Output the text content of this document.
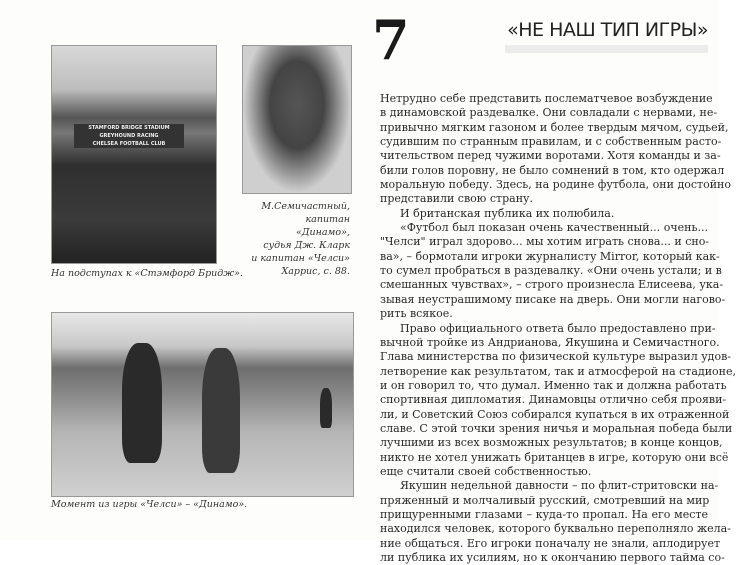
STAMFORD BRIDGE STADIUM
GREYHOUND RACING
CHELSEA FOOTBALL CLUB
На подступах к «Стэмфорд Бридж».
М.Семичастный,
капитан «Динамо»,
судья Дж. Кларк
и капитан «Челси»
Харрис, с. 88.
Момент из игры «Челси» – «Динамо».
7	«НЕ НАШ ТИП ИГРЫ»
Нетрудно себе представить послематчевое возбуждение
в динамовской раздевалке. Они совладали с нервами, не-
привычно мягким газоном и более твердым мячом, судьей,
судившим по странным правилам, и с собственным расто-
чительством перед чужими воротами. Хотя команды и за-
били голов поровну, не было сомнений в том, кто одержал
моральную победу. Здесь, на родине футбола, они достойно
представили свою страну.
И британская публика их полюбила.
«Футбол был показан очень качественный... очень...
"Челси" играл здорово... мы хотим играть снова... и сно-
ва», – бормотали игроки журналисту Mirror, который как-
то сумел пробраться в раздевалку. «Они очень устали; и в
смешанных чувствах», – строго произнесла Елисеева, ука-
зывая неустрашимому писаке на дверь. Они могли нагово-
рить всякое.
Право официального ответа было предоставлено при-
вычной тройке из Андрианова, Якушина и Семичастного.
Глава министерства по физической культуре выразил удов-
летворение как результатом, так и атмосферой на стадионе,
и он говорил то, что думал. Именно так и должна работать
спортивная дипломатия. Динамовцы отлично себя прояви-
ли, и Советский Союз собирался купаться в их отраженной
славе. С этой точки зрения ничья и моральная победа были
лучшими из всех возможных результатов; в конце концов,
никто не хотел унижать британцев в игре, которую они всё
еще считали своей собственностью.
Якушин недельной давности – по флит-стритовски на-
пряженный и молчаливый русский, смотревший на мир
прищуренными глазами – куда-то пропал. На его месте
находился человек, которого буквально переполняло жела-
ние общаться. Его игроки поначалу не знали, аплодирует
ли публика их усилиям, но к окончанию первого тайма со-
